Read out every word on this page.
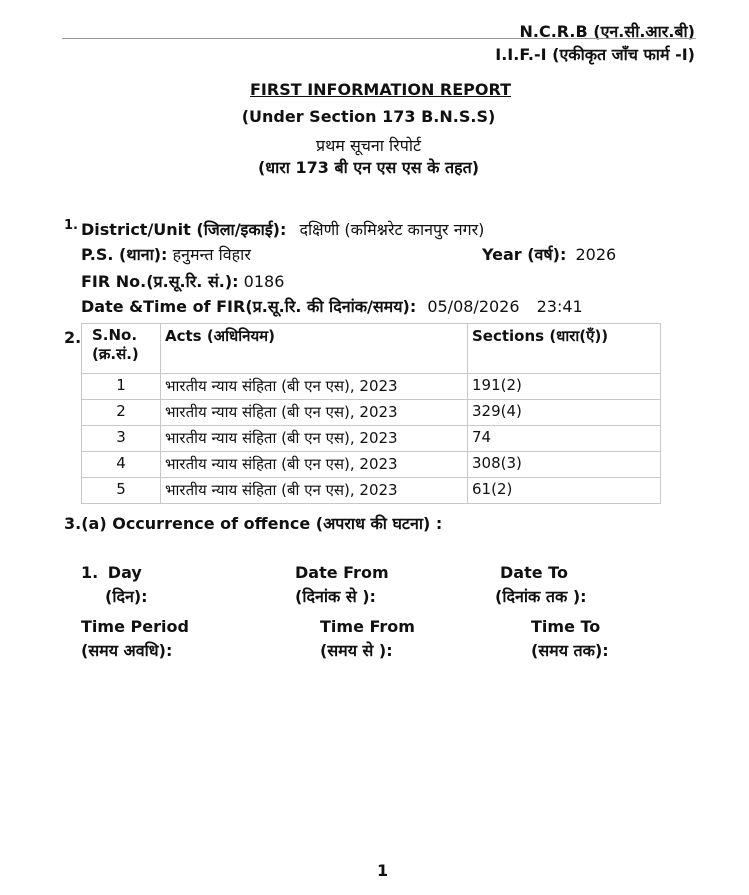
N.C.R.B (एन.सी.आर.बी)
I.I.F.-I (एकीकृत जाँच फार्म -I)
FIRST INFORMATION REPORT
(Under Section 173 B.N.S.S)
प्रथम सूचना रिपोर्ट
(धारा 173 बी एन एस एस के तहत)
1. District/Unit (जिला/इकाई): दक्षिणी (कमिश्नरेट कानपुर नगर)
P.S. (थाना): हनुमन्त विहार	Year (वर्ष): 2026
FIR No.(प्र.सू.रि. सं.): 0186
Date &Time of FIR(प्र.सू.रि. की दिनांक/समय): 05/08/2026 23:41
2. S.No.
(क्र.सं.)	Acts (अधिनियम)	Sections (धारा(एँ))
1	भारतीय न्याय संहिता (बी एन एस), 2023	191(2)
2	भारतीय न्याय संहिता (बी एन एस), 2023	329(4)
3	भारतीय न्याय संहिता (बी एन एस), 2023	74
4	भारतीय न्याय संहिता (बी एन एस), 2023	308(3)
5	भारतीय न्याय संहिता (बी एन एस), 2023	61(2)
3.(a) Occurrence of offence (अपराध की घटना) :
1. Day
(दिन):
Date From
(दिनांक से ):
Date To
(दिनांक तक ):
Time Period
(समय अवधि):
Time From
(समय से ):
Time To
(समय तक):
1
